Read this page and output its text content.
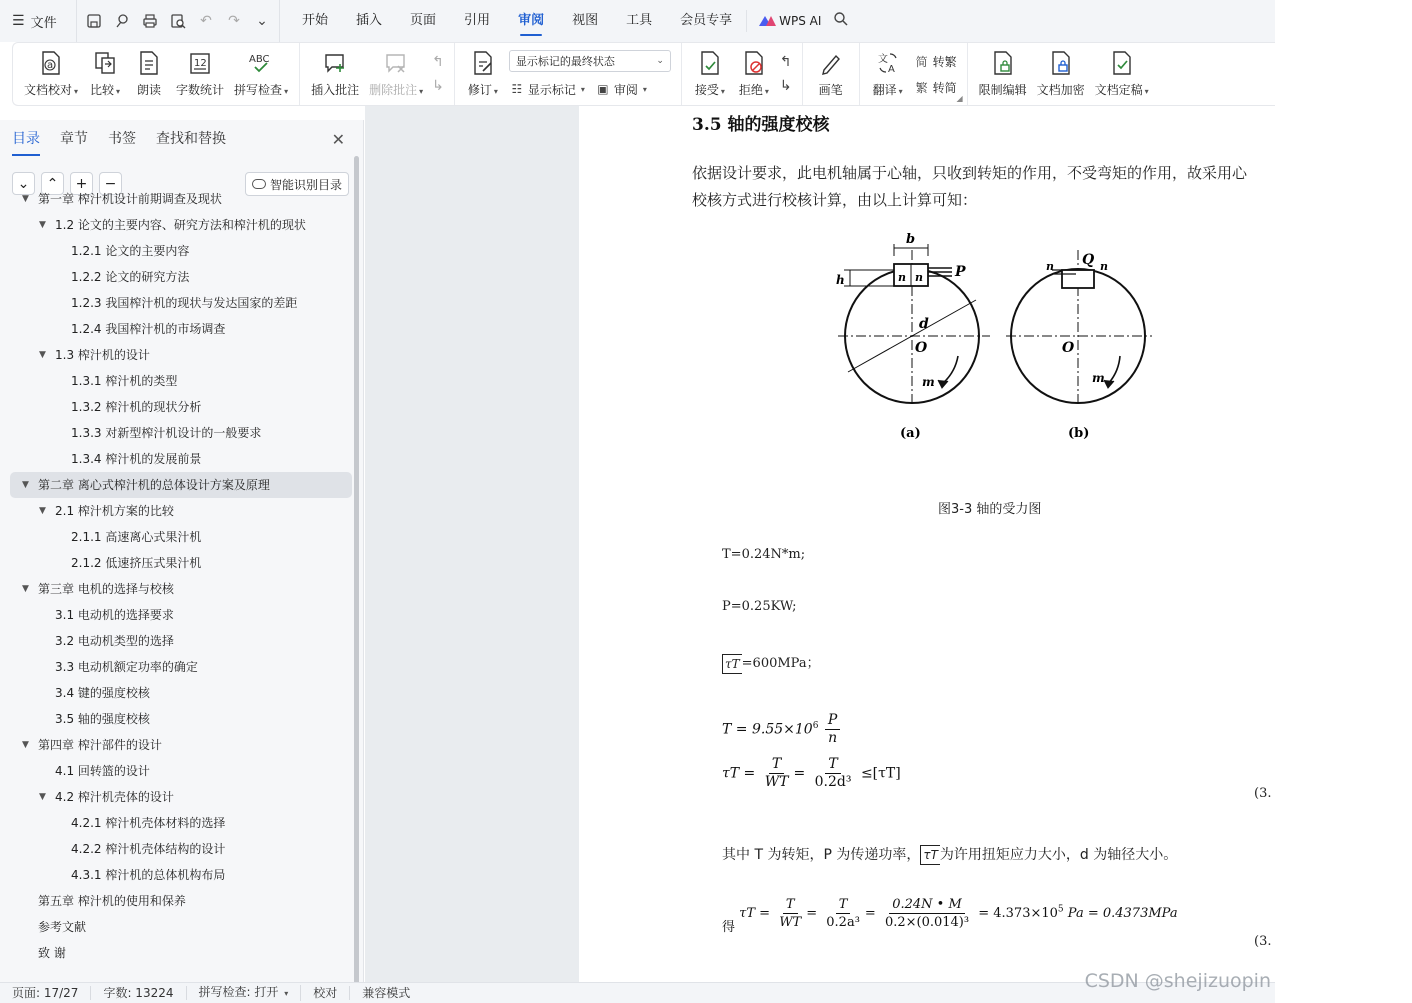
☰ 文件	↶ ↷ ⌄	开始	插入	页面	引用	审阅	视图	工具	会员专享	WPS AI
a
文档校对 ▾ 比较 ▾ 朗读
12
字数统计
ABC
拼写检查 ▾ 插入批注 删除批注 ▾
↰
↳ 修订 ▾
显示标记的最终状态	⌄
☷ 显示标记 ▾ ▣ 审阅 ▾	接受 ▾ 拒绝 ▾
↰
↳ 画笔
文
A
翻译 ▾
简 转繁
繁 转简
◢
限制编辑 文档加密 文档定稿 ▾
目录 章节 书签 查找和替换	✕
⌄ ⌃ + −	智能识别目录
▼ 第一章 榨汁机设计前期调查及现状
▼ 1.2 论文的主要内容、研究方法和榨汁机的现状
1.2.1 论文的主要内容
1.2.2 论文的研究方法
1.2.3 我国榨汁机的现状与发达国家的差距
1.2.4 我国榨汁机的市场调查
▼ 1.3 榨汁机的设计
1.3.1 榨汁机的类型
1.3.2 榨汁机的现状分析
1.3.3 对新型榨汁机设计的一般要求
1.3.4 榨汁机的发展前景
▼ 第二章 离心式榨汁机的总体设计方案及原理
▼ 2.1 榨汁机方案的比较
2.1.1 高速离心式果汁机
2.1.2 低速挤压式果汁机
▼ 第三章 电机的选择与校核
3.1 电动机的选择要求
3.2 电动机类型的选择
3.3 电动机额定功率的确定
3.4 键的强度校核
3.5 轴的强度校核
▼ 第四章 榨汁部件的设计
4.1 回转篮的设计
▼ 4.2 榨汁机壳体的设计
4.2.1 榨汁机壳体材料的选择
4.2.2 榨汁机壳体结构的设计
4.3.1 榨汁机的总体机构布局
第五章 榨汁机的使用和保养
参考文献
致 谢
3.5 轴的强度校核
依据设计要求，此电机轴属于心轴，只收到转矩的作用，不受弯矩的作用，故采用心
校核方式进行校核计算，由以上计算可知：
b
h	P
n n
d
O
m
(a)
Q
n	n
O
m
(b)
图3-3 轴的受力图
T=0.24N*m;
P=0.25KW;
τT =600MPa；
$T = 9.55\times 10^6 \frac{P}{n}$
$\tau T = \frac{T}{WT} = \frac{T}{\text{0.2d³}} \le[\tau T]$
(3.
其中 T 为转矩，P 为传递功率， τT 为许用扭矩应力大小，d 为轴径大小。
得 $\tau T = \frac{T}{WT} = \frac{T}{\text{0.2a³}} = \frac{0.24N • M}{\text{0.2×(0.014)³}} = 4.373\times 10^5$ Pa = 0.4373MPa
(3.
页面: 17/27	字数: 13224	拼写检查: 打开 ▾	校对	兼容模式
CSDN @shejizuopin
